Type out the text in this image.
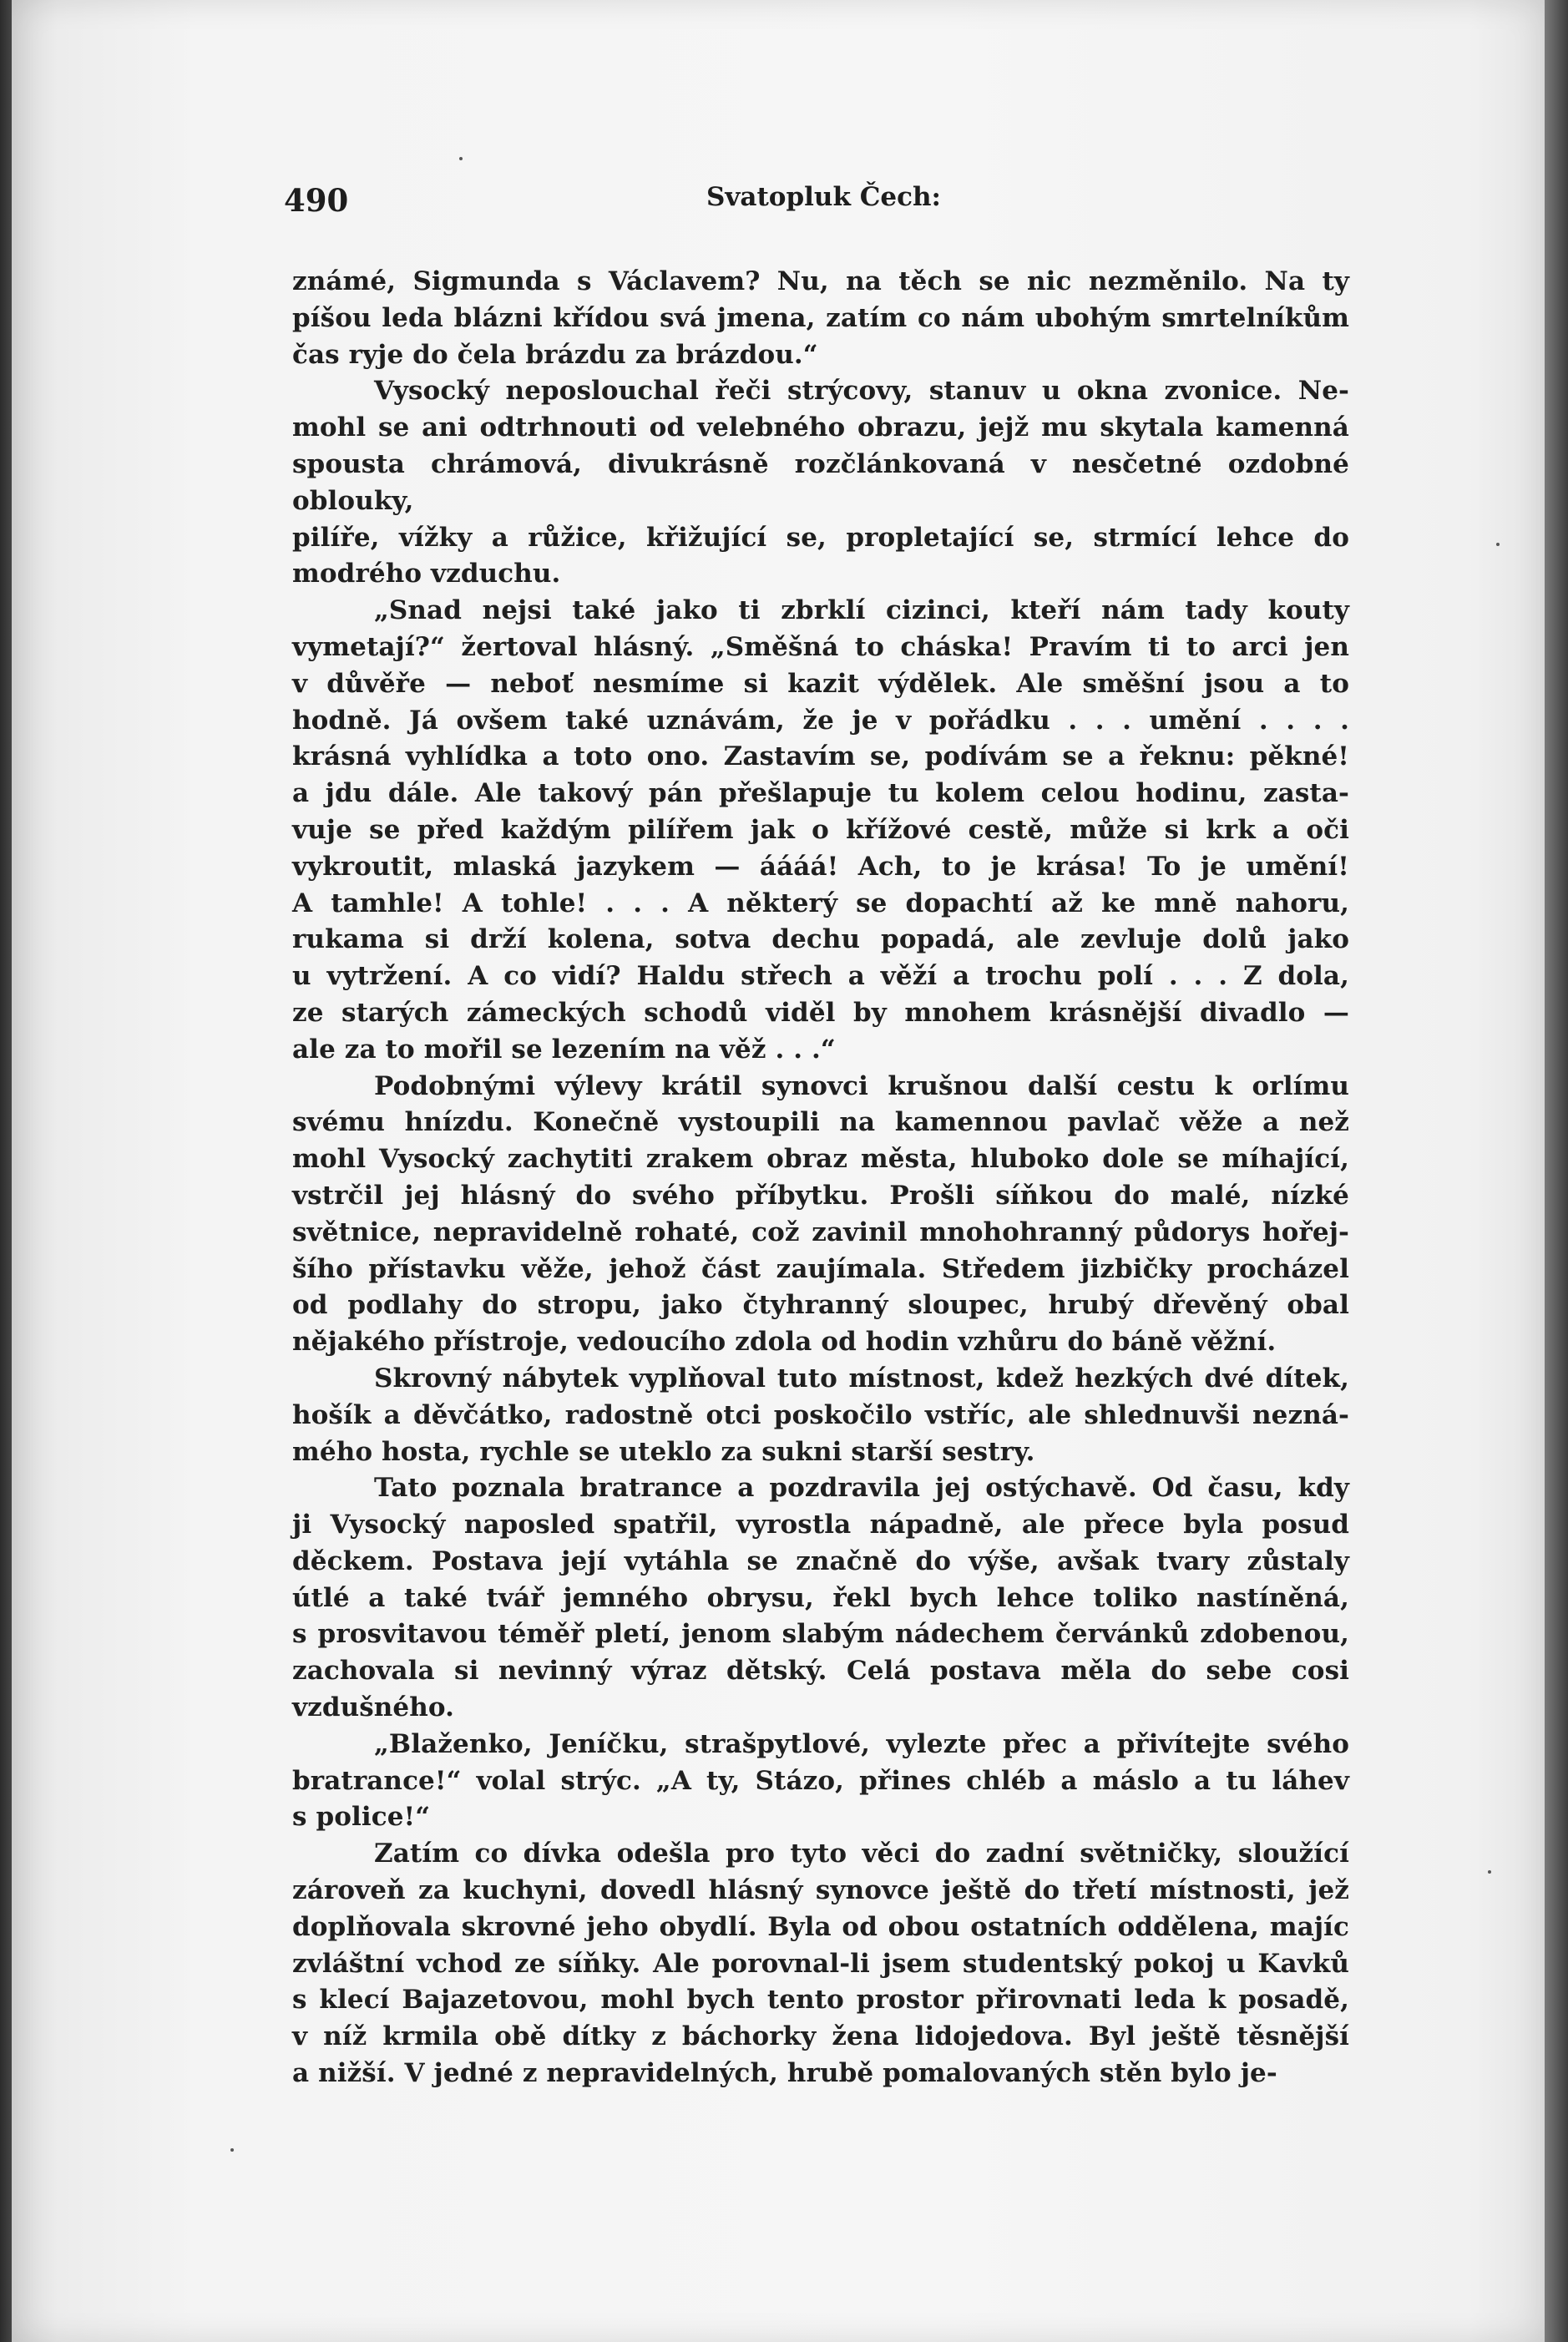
490	Svatopluk Čech:

známé, Sigmunda s Václavem? Nu, na těch se nic nezměnilo. Na ty

píšou leda blázni křídou svá jmena, zatím co nám ubohým smrtelníkům

čas ryje do čela brázdu za brázdou.“

Vysocký neposlouchal řeči strýcovy, stanuv u okna zvonice. Ne-

mohl se ani odtrhnouti od velebného obrazu, jejž mu skytala kamenná

spousta chrámová, divukrásně rozčlánkovaná v nesčetné ozdobné oblouky,

pilíře, vížky a růžice, křižující se, propletající se, strmící lehce do

modrého vzduchu.

„Snad nejsi také jako ti zbrklí cizinci, kteří nám tady kouty

vymetají?“ žertoval hlásný. „Směšná to cháska! Pravím ti to arci jen

v důvěře — neboť nesmíme si kazit výdělek. Ale směšní jsou a to

hodně. Já ovšem také uznávám, že je v pořádku . . . umění . . . .

krásná vyhlídka a toto ono. Zastavím se, podívám se a řeknu: pěkné!

a jdu dále. Ale takový pán přešlapuje tu kolem celou hodinu, zasta-

vuje se před každým pilířem jak o křížové cestě, může si krk a oči

vykroutit, mlaská jazykem — áááá! Ach, to je krása! To je umění!

A tamhle! A tohle! . . . A některý se dopachtí až ke mně nahoru,

rukama si drží kolena, sotva dechu popadá, ale zevluje dolů jako

u vytržení. A co vidí? Haldu střech a věží a trochu polí . . . Z dola,

ze starých zámeckých schodů viděl by mnohem krásnější divadlo —

ale za to mořil se lezením na věž . . .“

Podobnými výlevy krátil synovci krušnou další cestu k orlímu

svému hnízdu. Konečně vystoupili na kamennou pavlač věže a než

mohl Vysocký zachytiti zrakem obraz města, hluboko dole se míhající,

vstrčil jej hlásný do svého příbytku. Prošli síňkou do malé, nízké

světnice, nepravidelně rohaté, což zavinil mnohohranný půdorys hořej-

šího přístavku věže, jehož část zaujímala. Středem jizbičky procházel

od podlahy do stropu, jako čtyhranný sloupec, hrubý dřevěný obal

nějakého přístroje, vedoucího zdola od hodin vzhůru do báně věžní.

Skrovný nábytek vyplňoval tuto místnost, kdež hezkých dvé dítek,

hošík a děvčátko, radostně otci poskočilo vstříc, ale shlednuvši nezná-

mého hosta, rychle se uteklo za sukni starší sestry.

Tato poznala bratrance a pozdravila jej ostýchavě. Od času, kdy

ji Vysocký naposled spatřil, vyrostla nápadně, ale přece byla posud

děckem. Postava její vytáhla se značně do výše, avšak tvary zůstaly

útlé a také tvář jemného obrysu, řekl bych lehce toliko nastíněná,

s prosvitavou téměř pletí, jenom slabým nádechem červánků zdobenou,

zachovala si nevinný výraz dětský. Celá postava měla do sebe cosi

vzdušného.

„Blaženko, Jeníčku, strašpytlové, vylezte přec a přivítejte svého

bratrance!“ volal strýc. „A ty, Stázo, přines chléb a máslo a tu láhev

s police!“

Zatím co dívka odešla pro tyto věci do zadní světničky, sloužící

zároveň za kuchyni, dovedl hlásný synovce ještě do třetí místnosti, jež

doplňovala skrovné jeho obydlí. Byla od obou ostatních oddělena, majíc

zvláštní vchod ze síňky. Ale porovnal-li jsem studentský pokoj u Kavků

s klecí Bajazetovou, mohl bych tento prostor přirovnati leda k posadě,

v níž krmila obě dítky z báchorky žena lidojedova. Byl ještě těsnější

a nižší. V jedné z nepravidelných, hrubě pomalovaných stěn bylo je-
